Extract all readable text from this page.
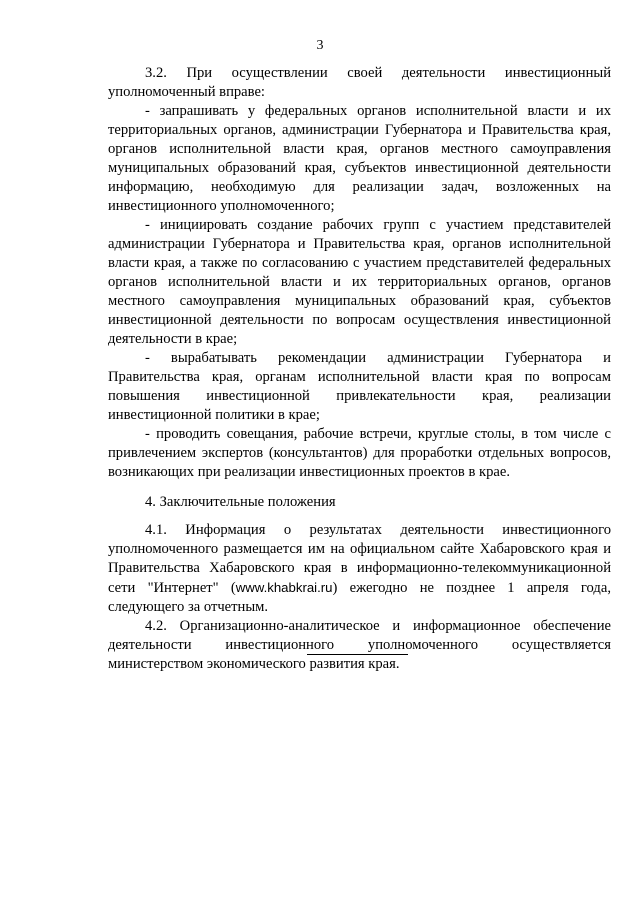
3

3.2. При осуществлении своей деятельности инвестиционный уполномоченный вправе:

- запрашивать у федеральных органов исполнительной власти и их территориальных органов, администрации Губернатора и Правительства края, органов исполнительной власти края, органов местного самоуправления муниципальных образований края, субъектов инвестиционной деятельности информацию, необходимую для реализации задач, возложенных на инвестиционного уполномоченного;

- инициировать создание рабочих групп с участием представителей администрации Губернатора и Правительства края, органов исполнительной власти края, а также по согласованию с участием представителей федеральных органов исполнительной власти и их территориальных органов, органов местного самоуправления муниципальных образований края, субъектов инвестиционной деятельности по вопросам осуществления инвестиционной деятельности в крае;

- вырабатывать рекомендации администрации Губернатора и Правительства края, органам исполнительной власти края по вопросам повышения инвестиционной привлекательности края, реализации инвестиционной политики в крае;

- проводить совещания, рабочие встречи, круглые столы, в том числе с привлечением экспертов (консультантов) для проработки отдельных вопросов, возникающих при реализации инвестиционных проектов в крае.

4. Заключительные положения

4.1. Информация о результатах деятельности инвестиционного уполномоченного размещается им на официальном сайте Хабаровского края и Правительства Хабаровского края в информационно-телекоммуникационной сети "Интернет" (www.khabkrai.ru) ежегодно не позднее 1 апреля года, следующего за отчетным.

4.2. Организационно-аналитическое и информационное обеспечение деятельности инвестиционного уполномоченного осуществляется министерством экономического развития края.
